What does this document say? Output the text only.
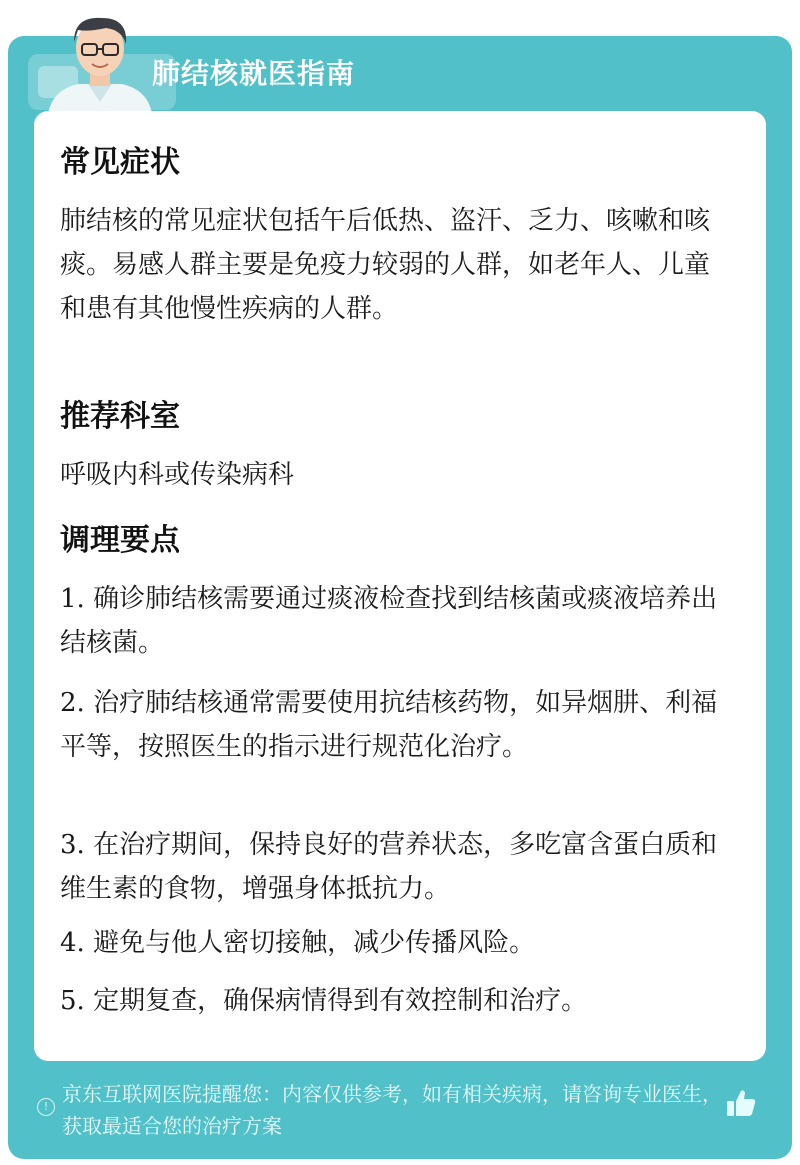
肺结核就医指南
常见症状
肺结核的常见症状包括午后低热、盗汗、乏力、咳嗽和咳痰。易感人群主要是免疫力较弱的人群，如老年人、儿童和患有其他慢性疾病的人群。
推荐科室
呼吸内科或传染病科
调理要点
1. 确诊肺结核需要通过痰液检查找到结核菌或痰液培养出结核菌。
2. 治疗肺结核通常需要使用抗结核药物，如异烟肼、利福平等，按照医生的指示进行规范化治疗。
3. 在治疗期间，保持良好的营养状态，多吃富含蛋白质和维生素的食物，增强身体抵抗力。
4. 避免与他人密切接触，减少传播风险。
5. 定期复查，确保病情得到有效控制和治疗。
!
京东互联网医院提醒您：内容仅供参考，如有相关疾病，请咨询专业医生，获取最适合您的治疗方案
